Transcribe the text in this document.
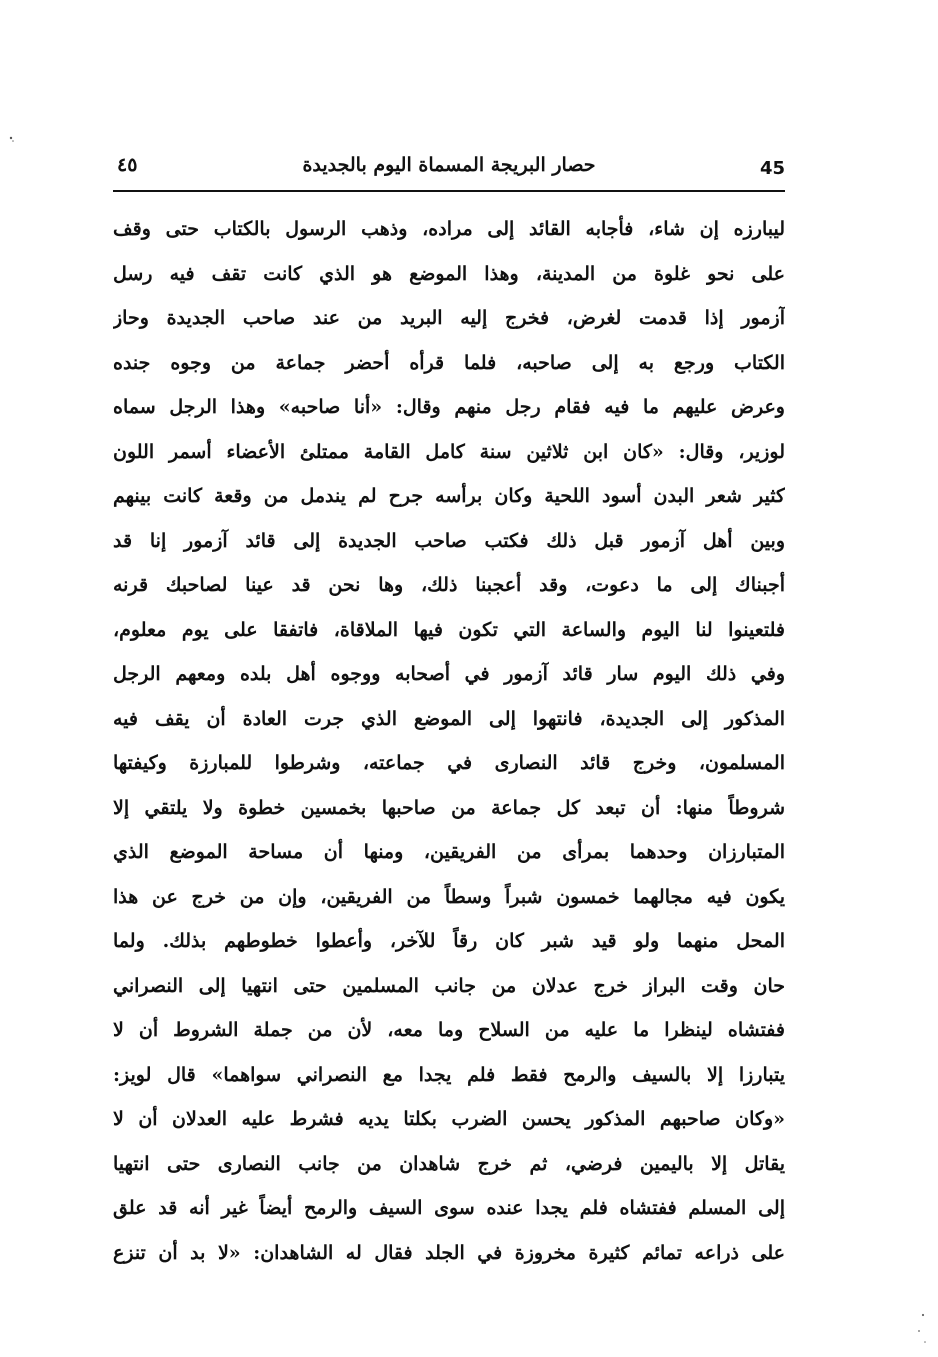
45
حصار البريجة المسماة اليوم بالجديدة
٤٥
ليبارزه إن شاء، فأجابه القائد إلى مراده، وذهب الرسول بالكتاب حتى وقف
على نحو غلوة من المدينة، وهذا الموضع هو الذي كانت تقف فيه رسل
آزمور إذا قدمت لغرض، فخرج إليه البريد من عند صاحب الجديدة وحاز
الكتاب ورجع به إلى صاحبه، فلما قرأه أحضر جماعة من وجوه جنده
وعرض عليهم ما فيه فقام رجل منهم وقال: «أنا صاحبه» وهذا الرجل سماه
لوزير، وقال: «كان ابن ثلاثين سنة كامل القامة ممتلئ الأعضاء أسمر اللون
كثير شعر البدن أسود اللحية وكان برأسه جرح لم يندمل من وقعة كانت بينهم
وبين أهل آزمور قبل ذلك فكتب صاحب الجديدة إلى قائد آزمور إنا قد
أجبناك إلى ما دعوت، وقد أعجبنا ذلك، وها نحن قد عينا لصاحبك قرنه
فلتعينوا لنا اليوم والساعة التي تكون فيها الملاقاة، فاتفقا على يوم معلوم،
وفي ذلك اليوم سار قائد آزمور في أصحابه ووجوه أهل بلده ومعهم الرجل
المذكور إلى الجديدة، فانتهوا إلى الموضع الذي جرت العادة أن يقف فيه
المسلمون، وخرج قائد النصارى في جماعته، وشرطوا للمبارزة وكيفتها
شروطاً منها: أن تبعد كل جماعة من صاحبها بخمسين خطوة ولا يلتقي إلا
المتبارزان وحدهما بمرأى من الفريقين، ومنها أن مساحة الموضع الذي
يكون فيه مجالهما خمسون شبراً وسطاً من الفريقين، وإن من خرج عن هذا
المحل منهما ولو قيد شبر كان رقاً للآخر، وأعطوا خطوطهم بذلك. ولما
حان وقت البراز خرج عدلان من جانب المسلمين حتى انتهيا إلى النصراني
ففتشاه لينظرا ما عليه من السلاح وما معه، لأن من جملة الشروط أن لا
يتبارزا إلا بالسيف والرمح فقط فلم يجدا مع النصراني سواهما» قال لويز:
«وكان صاحبهم المذكور يحسن الضرب بكلتا يديه فشرط عليه العدلان أن لا
يقاتل إلا باليمين فرضي، ثم خرج شاهدان من جانب النصارى حتى انتهيا
إلى المسلم ففتشاه فلم يجدا عنده سوى السيف والرمح أيضاً غير أنه قد علق
على ذراعه تمائم كثيرة مخروزة في الجلد فقال له الشاهدان: «لا بد أن تنزع
